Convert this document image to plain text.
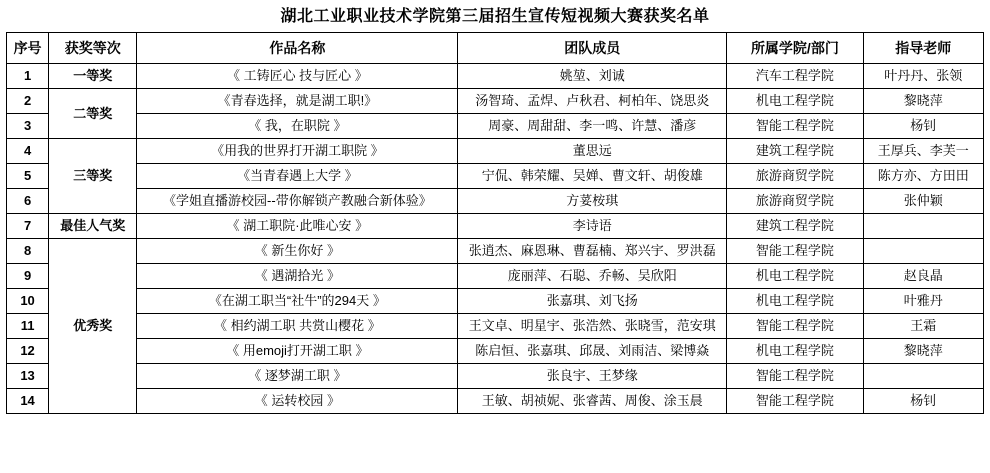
湖北工业职业技术学院第三届招生宣传短视频大赛获奖名单
序号	获奖等次	作品名称	团队成员	所属学院/部门	指导老师
1	一等奖	《 工铸匠心 技与匠心 》	姚堃、刘诚	汽车工程学院	叶丹丹、张领
2	二等奖	《青春选择，就是湖工职!》	汤智琦、孟焊、卢秋君、柯柏年、饶思炎	机电工程学院	黎晓萍
3		《 我，在职院 》	周豪、周甜甜、李一鸣、许慧、潘彦	智能工程学院	杨钊
4	三等奖	《用我的世界打开湖工职院 》	董思远	建筑工程学院	王厚兵、李芙一
5		《当青春遇上大学 》	宁侃、韩荣耀、吴婵、曹文轩、胡俊雄	旅游商贸学院	陈方亦、方田田
6		《学姐直播游校园--带你解锁产教融合新体验》	方荽桉琪	旅游商贸学院	张仲颖
7	最佳人气奖	《 湖工职院·此唯心安 》	李诗语	建筑工程学院	
8	优秀奖	《 新生你好 》	张逍杰、麻恩琳、曹磊楠、郑兴宇、罗洪磊	智能工程学院	
9		《 遇湖拾光 》	庞丽萍、石聪、乔畅、吴欣阳	机电工程学院	赵良晶
10		《在湖工职当“社牛”的294天 》	张嘉琪、刘飞扬	机电工程学院	叶雅丹
11		《 相约湖工职 共赏山樱花 》	王文卓、明星宇、张浩然、张晓雪，范安琪	智能工程学院	王霜
12		《 用emoji打开湖工职 》	陈启恒、张嘉琪、邱晟、刘雨洁、梁博焱	机电工程学院	黎晓萍
13		《 逐梦湖工职 》	张良宇、王梦缘	智能工程学院	
14		《 运转校园 》	王敏、胡祯妮、张睿茜、周俊、涂玉晨	智能工程学院	杨钊
